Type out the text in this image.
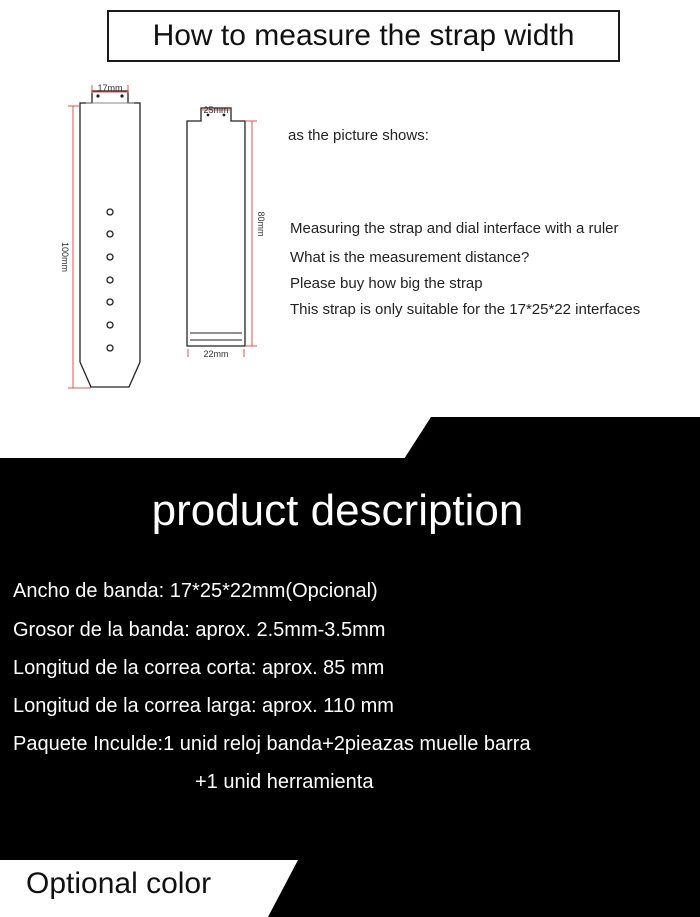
How to measure the strap width
17mm
100mm
25mm
80mm
22mm
as the picture shows:
Measuring the strap and dial interface with a ruler
What is the measurement distance?
Please buy how big the strap
This strap is only suitable for the 17*25*22 interfaces
product description
Ancho de banda: 17*25*22mm(Opcional)
Grosor de la banda: aprox. 2.5mm-3.5mm
Longitud de la correa corta: aprox. 85 mm
Longitud de la correa larga: aprox. 110 mm
Paquete Inculde:1 unid reloj banda+2pieazas muelle barra
+1 unid herramienta
Optional color
